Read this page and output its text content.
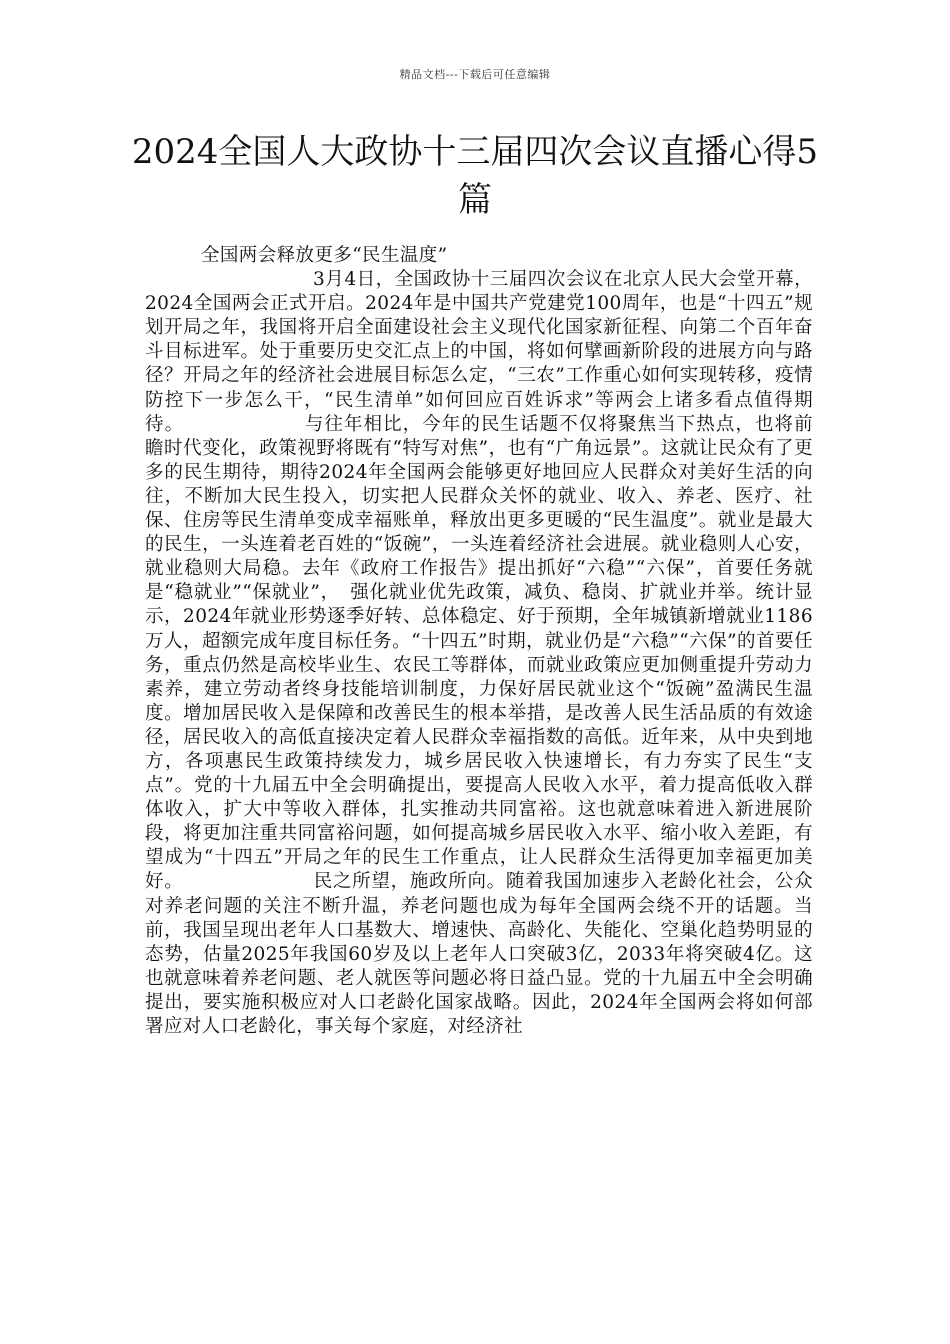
精品文档---下载后可任意编辑
2024全国人大政协十三届四次会议直播心得5篇
全国两会释放更多“民生温度”
3月4日，全国政协十三届四次会议在北京人民大会堂开幕，2024全国两会正式开启。2024年是中国共产党建党100周年，也是“十四五”规划开局之年，我国将开启全面建设社会主义现代化国家新征程、向第二个百年奋斗目标进军。处于重要历史交汇点上的中国，将如何擘画新阶段的进展方向与路径？开局之年的经济社会进展目标怎么定，“三农”工作重心如何实现转移，疫情防控下一步怎么干，“民生清单”如何回应百姓诉求”等两会上诸多看点值得期待。	与往年相比，今年的民生话题不仅将聚焦当下热点，也将前瞻时代变化，政策视野将既有“特写对焦”，也有“广角远景”。这就让民众有了更多的民生期待，期待2024年全国两会能够更好地回应人民群众对美好生活的向往，不断加大民生投入，切实把人民群众关怀的就业、收入、养老、医疗、社保、住房等民生清单变成幸福账单，释放出更多更暖的“民生温度”。就业是最大的民生，一头连着老百姓的“饭碗”，一头连着经济社会进展。就业稳则人心安，就业稳则大局稳。去年《政府工作报告》提出抓好“六稳”“六保”，首要任务就是“稳就业”“保就业”， 强化就业优先政策，减负、稳岗、扩就业并举。统计显示，2024年就业形势逐季好转、总体稳定、好于预期，全年城镇新增就业1186万人，超额完成年度目标任务。“十四五”时期，就业仍是“六稳”“六保”的首要任务，重点仍然是高校毕业生、农民工等群体，而就业政策应更加侧重提升劳动力素养，建立劳动者终身技能培训制度，力保好居民就业这个“饭碗”盈满民生温度。增加居民收入是保障和改善民生的根本举措，是改善人民生活品质的有效途径，居民收入的高低直接决定着人民群众幸福指数的高低。近年来，从中央到地方，各项惠民生政策持续发力，城乡居民收入快速增长，有力夯实了民生“支点”。党的十九届五中全会明确提出，要提高人民收入水平，着力提高低收入群体收入，扩大中等收入群体，扎实推动共同富裕。这也就意味着进入新进展阶段，将更加注重共同富裕问题，如何提高城乡居民收入水平、缩小收入差距，有望成为“十四五”开局之年的民生工作重点，让人民群众生活得更加幸福更加美好。	民之所望，施政所向。随着我国加速步入老龄化社会，公众对养老问题的关注不断升温，养老问题也成为每年全国两会绕不开的话题。当前，我国呈现出老年人口基数大、增速快、高龄化、失能化、空巢化趋势明显的态势，估量2025年我国60岁及以上老年人口突破3亿，2033年将突破4亿。这也就意味着养老问题、老人就医等问题必将日益凸显。党的十九届五中全会明确提出，要实施积极应对人口老龄化国家战略。因此，2024年全国两会将如何部署应对人口老龄化，事关每个家庭，对经济社
